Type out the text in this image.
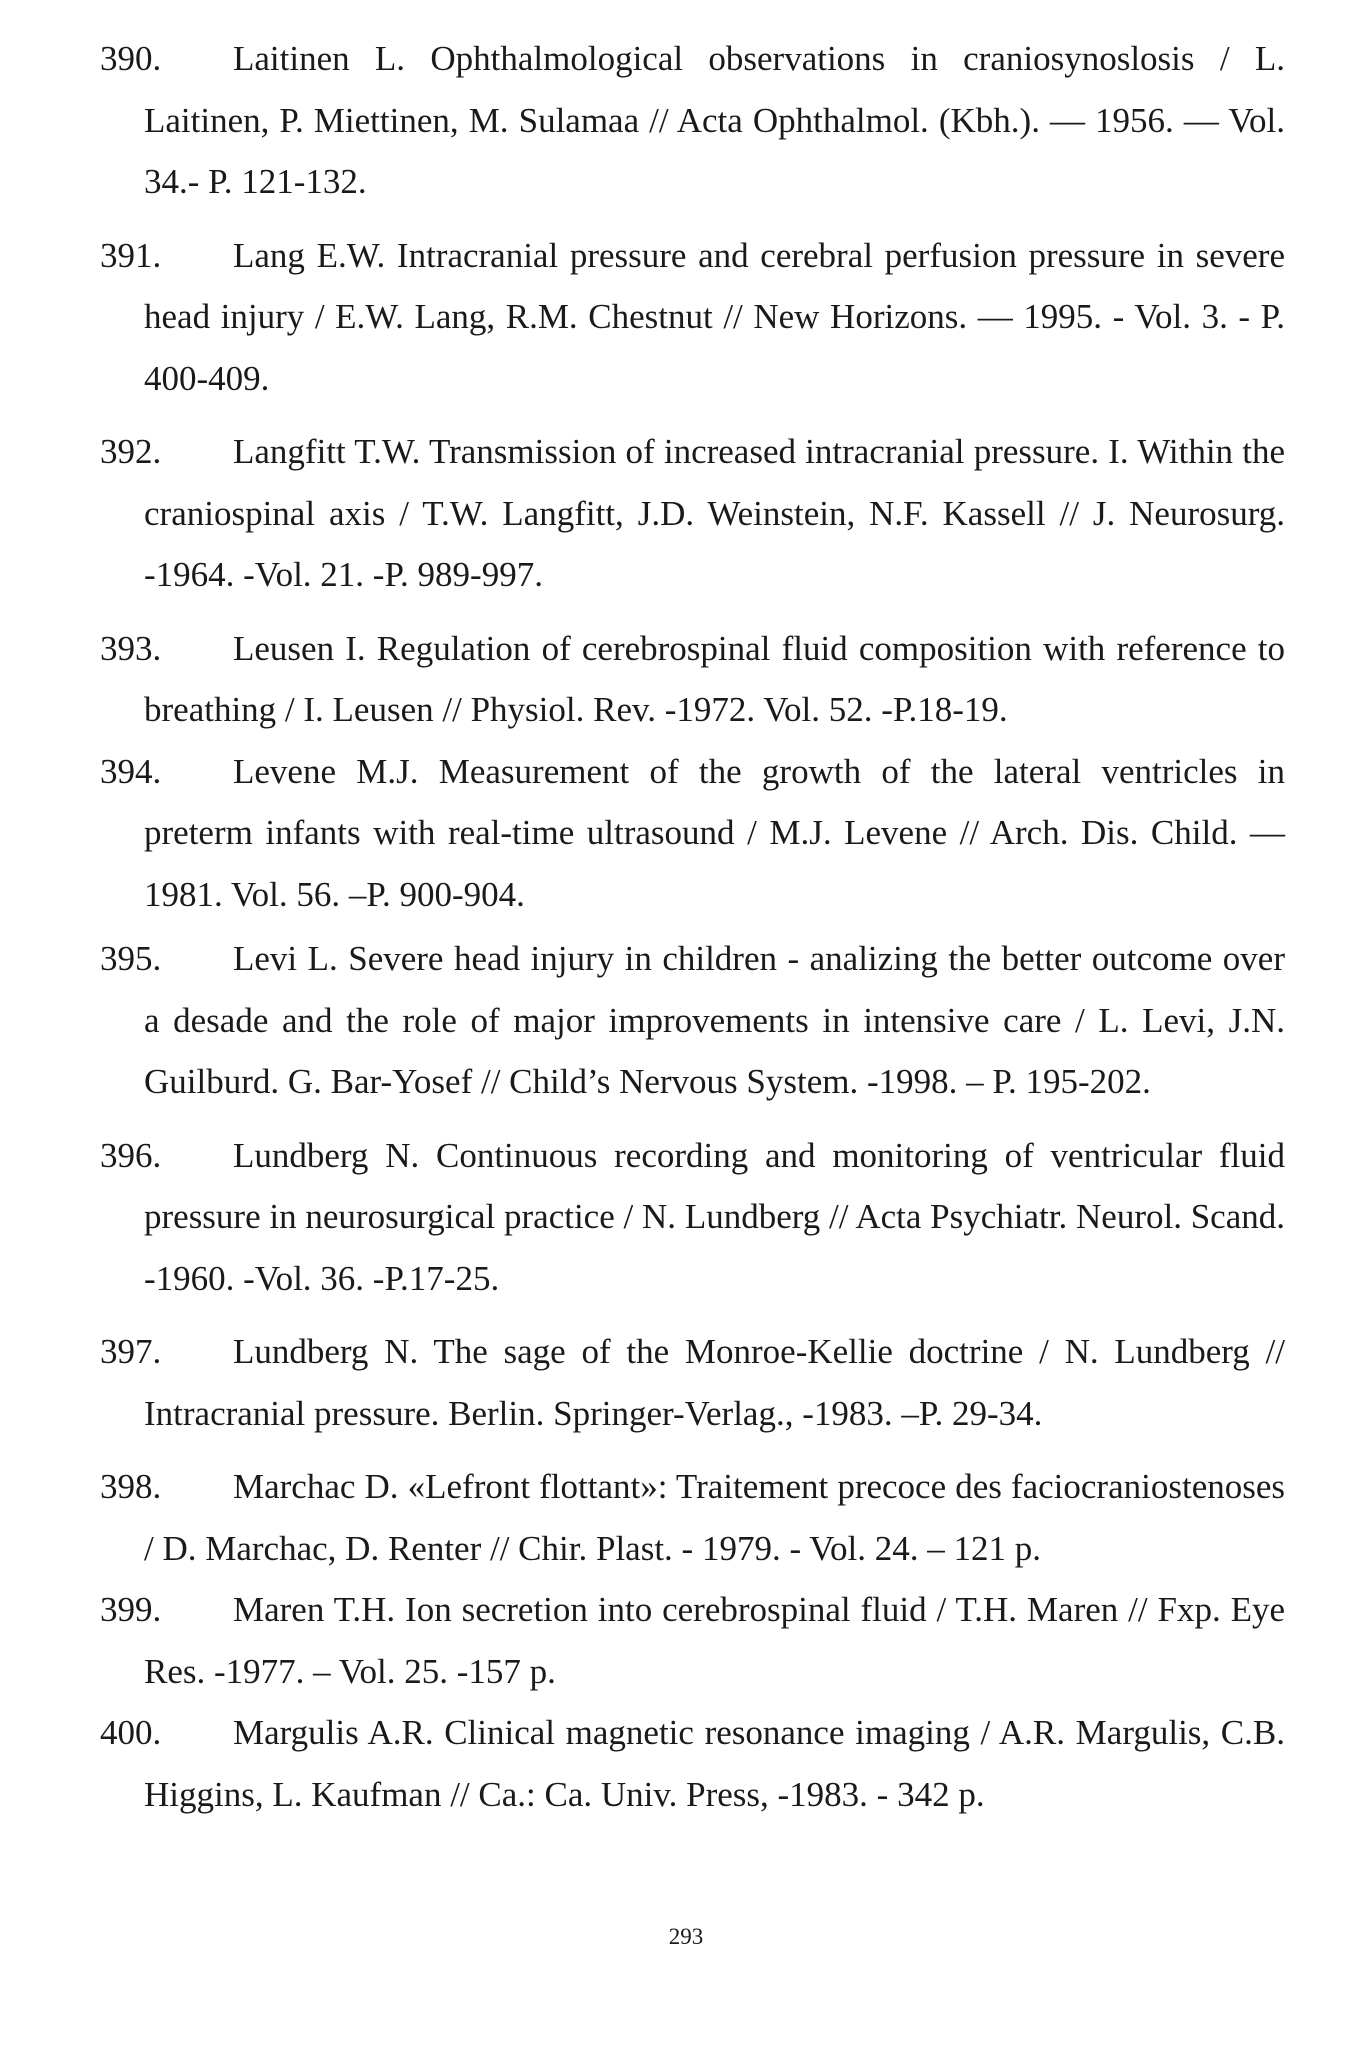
390.	Laitinen L. Ophthalmological observations in craniosynoslosis / L. Laitinen, P. Miettinen, M. Sulamaa // Acta Ophthalmol. (Kbh.). — 1956. — Vol. 34.- P. 121-132.
391.	Lang E.W. Intracranial pressure and cerebral perfusion pressure in severe head injury / E.W. Lang, R.M. Chestnut // New Horizons. — 1995. - Vol. 3. - P. 400-409.
392.	Langfitt T.W. Transmission of increased intracranial pressure. I. Within the craniospinal axis / T.W. Langfitt, J.D. Weinstein, N.F. Kassell // J. Neurosurg. -1964. -Vol. 21. -P. 989-997.
393.	Leusen I. Regulation of cerebrospinal fluid composition with reference to breathing / I. Leusen // Physiol. Rev. -1972. Vol. 52. -P.18-19.
394.	Levene M.J. Measurement of the growth of the lateral ventricles in preterm infants with real-time ultrasound / M.J. Levene // Arch. Dis. Child. — 1981. Vol. 56. –P. 900-904.
395.	Levi L. Severe head injury in children - analizing the better outcome over a desade and the role of major improvements in intensive care / L. Levi, J.N. Guilburd. G. Bar-Yosef // Child’s Nervous System. -1998. – P. 195-202.
396.	Lundberg N. Continuous recording and monitoring of ventricular fluid pressure in neurosurgical practice / N. Lundberg // Acta Psychiatr. Neurol. Scand. -1960. -Vol. 36. -P.17-25.
397.	Lundberg N. The sage of the Monroe-Kellie doctrine / N. Lundberg // Intracranial pressure. Berlin. Springer-Verlag., -1983. –P. 29-34.
398.	Marchac D. «Lefront flottant»: Traitement precoce des faciocraniostenoses / D. Marchac, D. Renter // Chir. Plast. - 1979. - Vol. 24. – 121 p.
399.	Maren T.H. Ion secretion into cerebrospinal fluid / T.H. Maren // Fxp. Eye Res. -1977. – Vol. 25. -157 p.
400.	Margulis A.R. Clinical magnetic resonance imaging / A.R. Margulis, C.B. Higgins, L. Kaufman // Ca.: Ca. Univ. Press, -1983. - 342 p.
293
